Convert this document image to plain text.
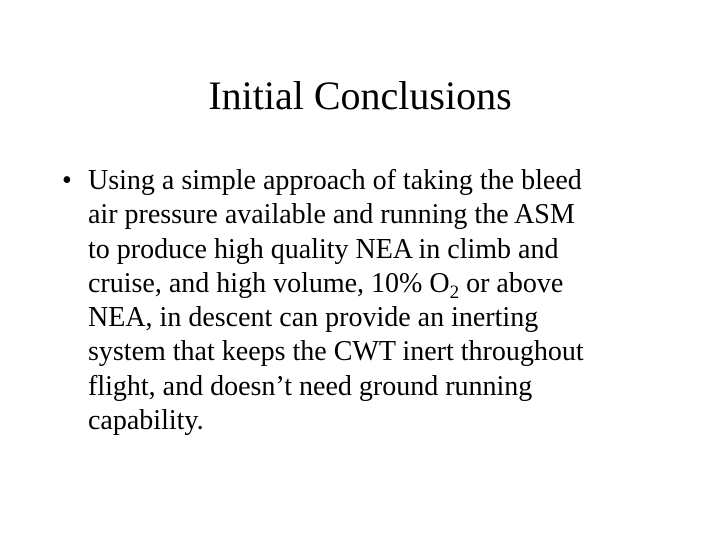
Initial Conclusions
• Using a simple approach of taking the bleed
air pressure available and running the ASM
to produce high quality NEA in climb and
cruise, and high volume, 10% $O_2$ or above
NEA, in descent can provide an inerting
system that keeps the CWT inert throughout
flight, and doesn’t need ground running
capability.
